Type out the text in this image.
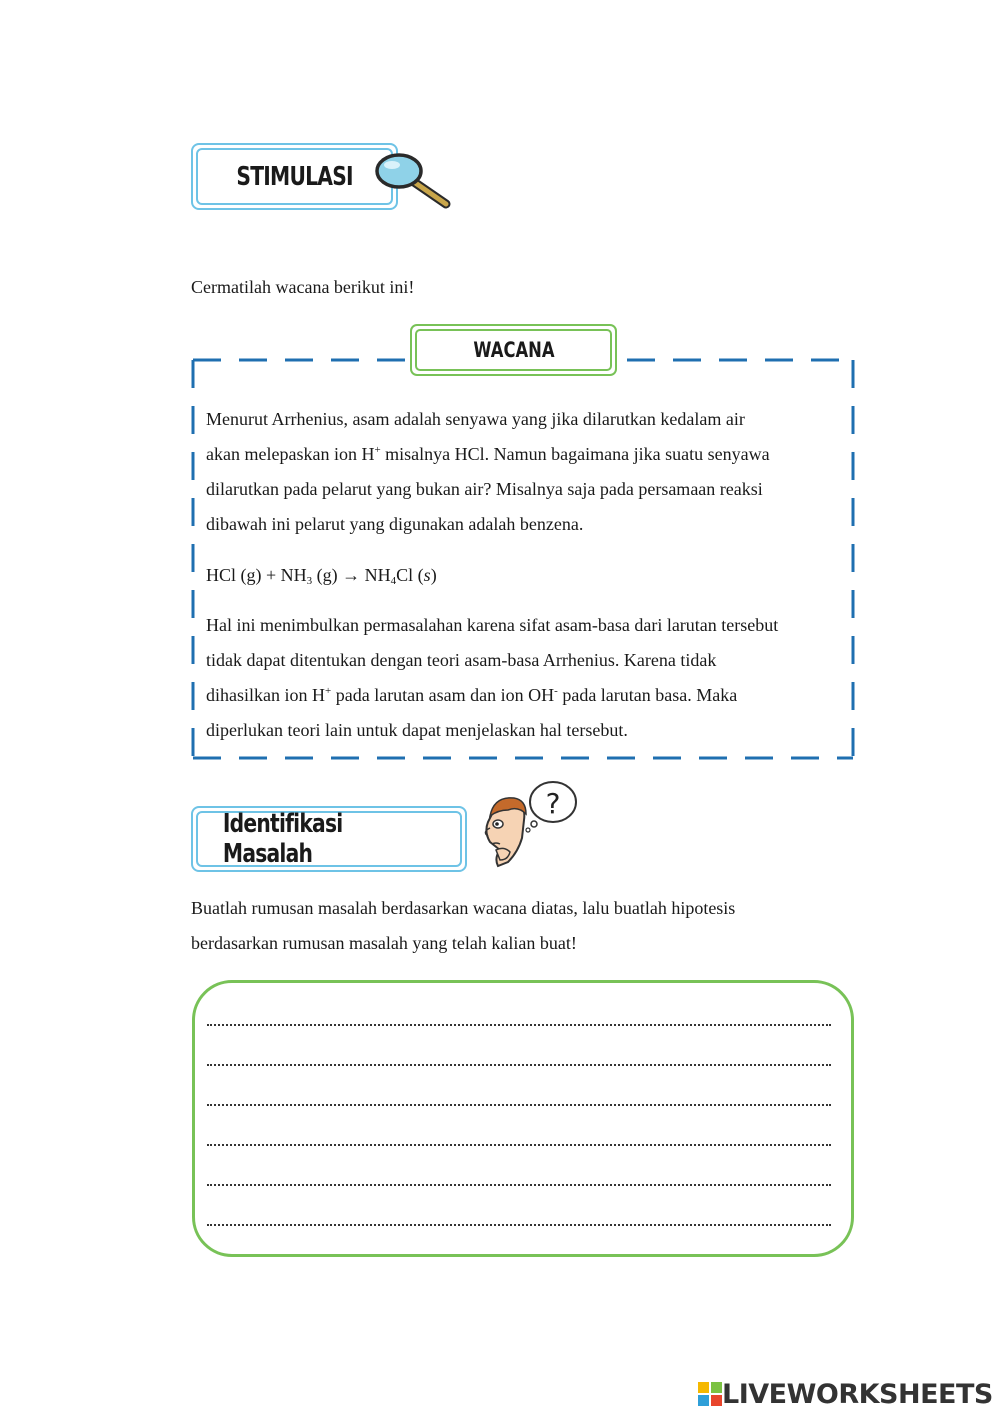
STIMULASI
Cermatilah wacana berikut ini!
WACANA
Menurut Arrhenius, asam adalah senyawa yang jika dilarutkan kedalam air
akan melepaskan ion H+ misalnya HCl. Namun bagaimana jika suatu senyawa
dilarutkan pada pelarut yang bukan air? Misalnya saja pada persamaan reaksi
dibawah ini pelarut yang digunakan adalah benzena.
HCl $(g) + NH_3$ $(g) \to NH_4Cl$ (s)
Hal ini menimbulkan permasalahan karena sifat asam-basa dari larutan tersebut
tidak dapat ditentukan dengan teori asam-basa Arrhenius. Karena tidak
dihasilkan ion H+ pada larutan asam dan ion OH- pada larutan basa. Maka
diperlukan teori lain untuk dapat menjelaskan hal tersebut.
Identifikasi Masalah
?
Buatlah rumusan masalah berdasarkan wacana diatas, lalu buatlah hipotesis
berdasarkan rumusan masalah yang telah kalian buat!
LIVEWORKSHEETS
